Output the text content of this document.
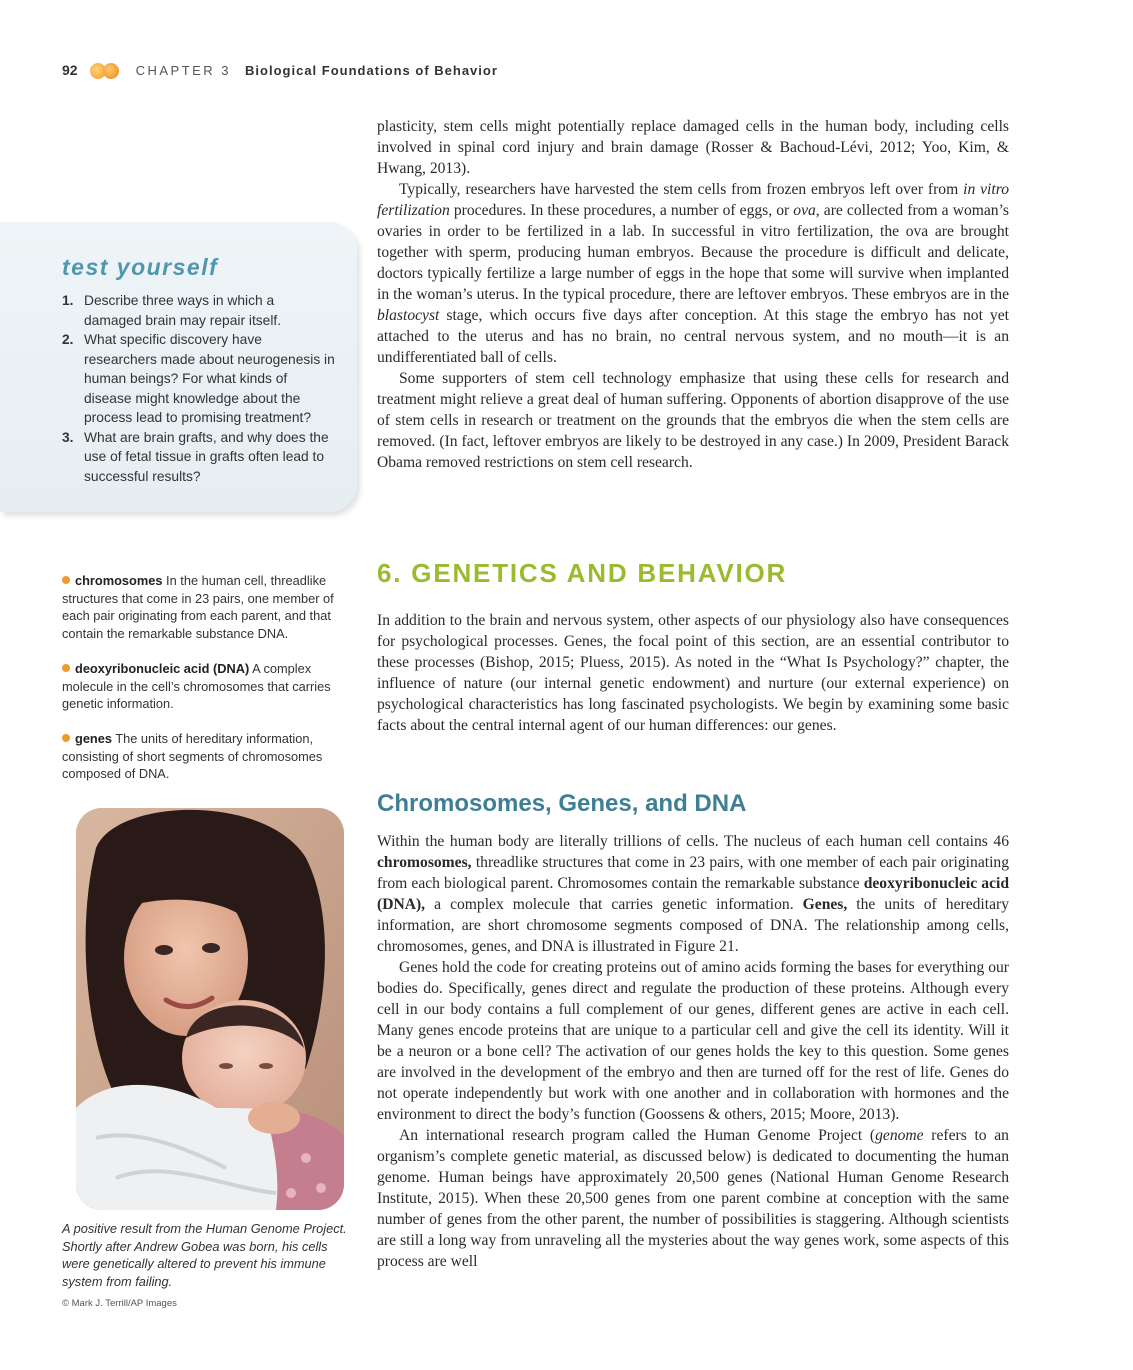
92	CHAPTER 3 Biological Foundations of Behavior

plasticity, stem cells might potentially replace damaged cells in the human body, including cells involved in spinal cord injury and brain damage (Rosser & Bachoud-Lévi, 2012; Yoo, Kim, & Hwang, 2013).

Typically, researchers have harvested the stem cells from frozen embryos left over from in vitro fertilization procedures. In these procedures, a number of eggs, or ova, are collected from a woman’s ovaries in order to be fertilized in a lab. In successful in vitro fertilization, the ova are brought together with sperm, producing human embryos. Because the procedure is difficult and delicate, doctors typically fertilize a large number of eggs in the hope that some will survive when implanted in the woman’s uterus. In the typical procedure, there are leftover embryos. These embryos are in the blastocyst stage, which occurs five days after conception. At this stage the embryo has not yet attached to the uterus and has no brain, no central nervous system, and no mouth—it is an undifferentiated ball of cells.

Some supporters of stem cell technology emphasize that using these cells for research and treatment might relieve a great deal of human suffering. Opponents of abortion disapprove of the use of stem cells in research or treatment on the grounds that the embryos die when the stem cells are removed. (In fact, leftover embryos are likely to be destroyed in any case.) In 2009, President Barack Obama removed restrictions on stem cell research.

test yourself
1. Describe three ways in which a damaged brain may repair itself.
2. What specific discovery have researchers made about neurogenesis in human beings? For what kinds of disease might knowledge about the process lead to promising treatment?
3. What are brain grafts, and why does the use of fetal tissue in grafts often lead to successful results?
6. GENETICS AND BEHAVIOR

In addition to the brain and nervous system, other aspects of our physiology also have consequences for psychological processes. Genes, the focal point of this section, are an essential contributor to these processes (Bishop, 2015; Pluess, 2015). As noted in the “What Is Psychology?” chapter, the influence of nature (our internal genetic endowment) and nurture (our external experience) on psychological characteristics has long fascinated psychologists. We begin by examining some basic facts about the central internal agent of our human differences: our genes.

chromosomes In the human cell, threadlike structures that come in 23 pairs, one member of each pair originating from each parent, and that contain the remarkable substance DNA.
deoxyribonucleic acid (DNA) A complex molecule in the cell’s chromosomes that carries genetic information.
genes The units of hereditary information, consisting of short segments of chromosomes composed of DNA.
Chromosomes, Genes, and DNA

Within the human body are literally trillions of cells. The nucleus of each human cell contains 46 chromosomes, threadlike structures that come in 23 pairs, with one member of each pair originating from each biological parent. Chromosomes contain the remarkable substance deoxyribonucleic acid (DNA), a complex molecule that carries genetic information. Genes, the units of hereditary information, are short chromosome segments composed of DNA. The relationship among cells, chromosomes, genes, and DNA is illustrated in Figure 21.

Genes hold the code for creating proteins out of amino acids forming the bases for everything our bodies do. Specifically, genes direct and regulate the production of these proteins. Although every cell in our body contains a full complement of our genes, different genes are active in each cell. Many genes encode proteins that are unique to a particular cell and give the cell its identity. Will it be a neuron or a bone cell? The activation of our genes holds the key to this question. Some genes are involved in the development of the embryo and then are turned off for the rest of life. Genes do not operate independently but work with one another and in collaboration with hormones and the environment to direct the body’s function (Goossens & others, 2015; Moore, 2013).

An international research program called the Human Genome Project (genome refers to an organism’s complete genetic material, as discussed below) is dedicated to documenting the human genome. Human beings have approximately 20,500 genes (National Human Genome Research Institute, 2015). When these 20,500 genes from one parent combine at conception with the same number of genes from the other parent, the number of possibilities is staggering. Although scientists are still a long way from unraveling all the mysteries about the way genes work, some aspects of this process are well

A positive result from the Human Genome Project. Shortly after Andrew Gobea was born, his cells were genetically altered to prevent his immune system from failing.
© Mark J. Terrill/AP Images
